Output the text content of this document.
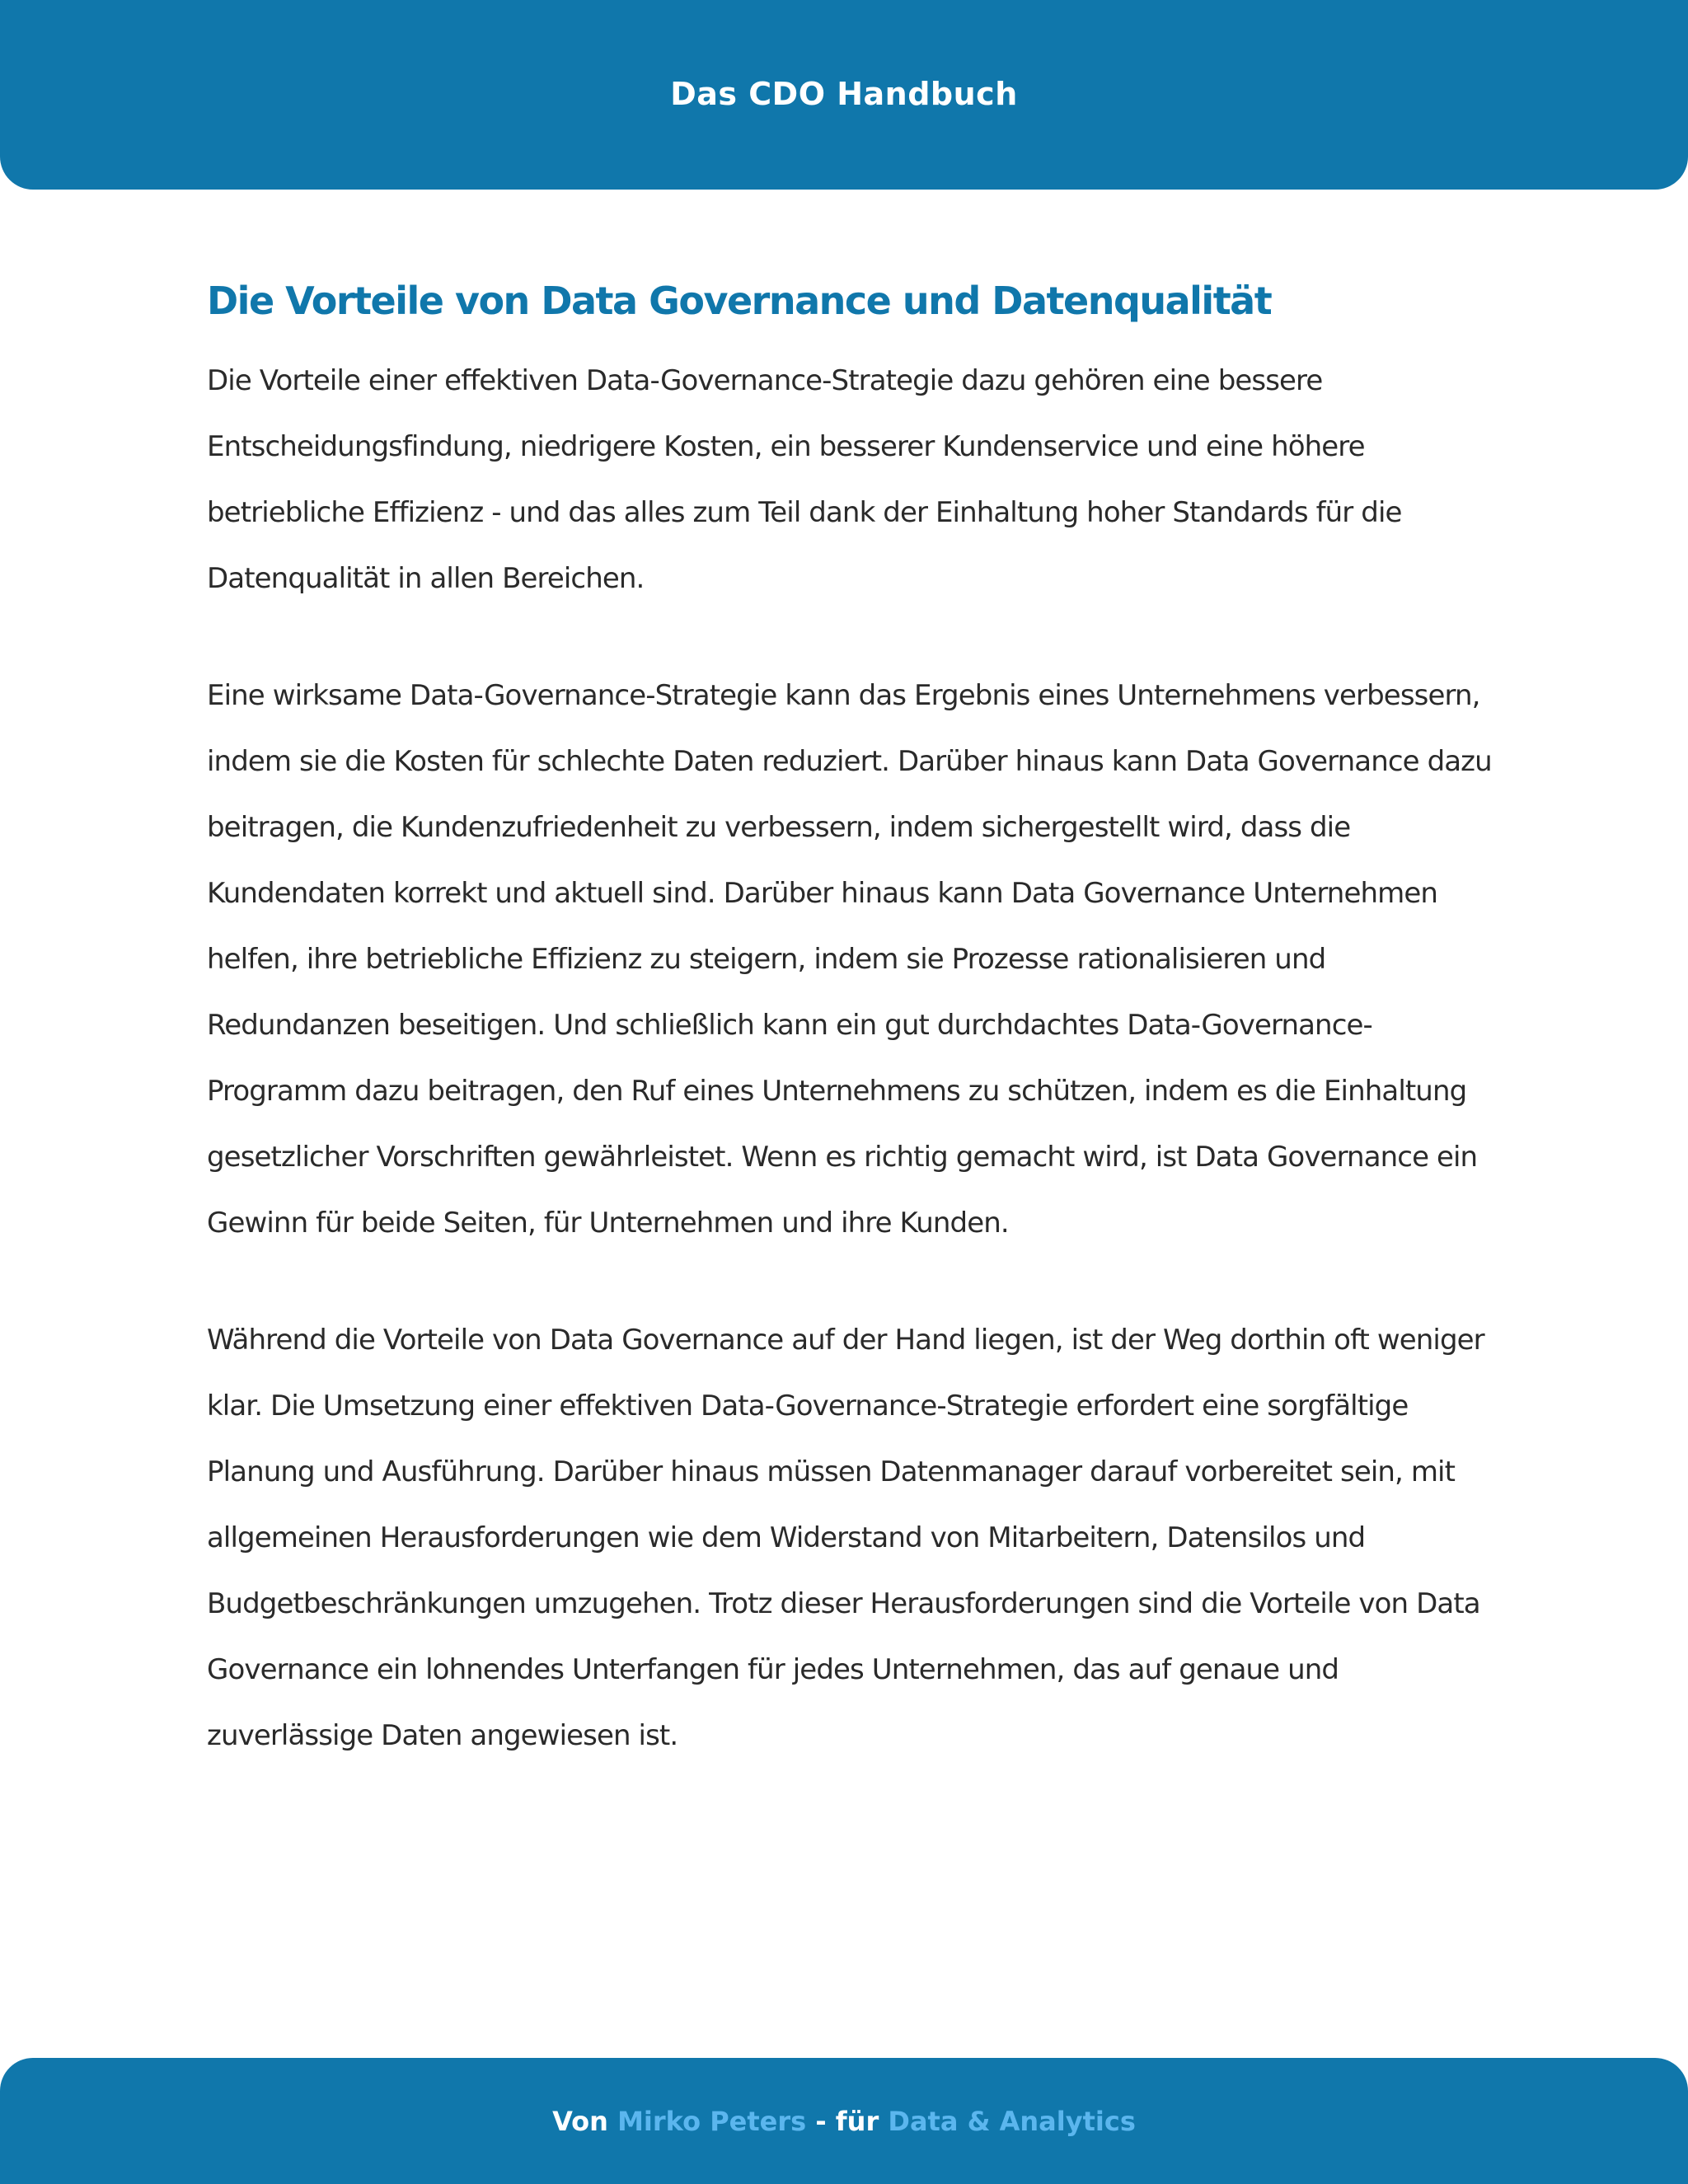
Das CDO Handbuch
Die Vorteile von Data Governance und Datenqualität

Die Vorteile einer effektiven Data-Governance-Strategie dazu gehören eine bessere Entscheidungsfindung, niedrigere Kosten, ein besserer Kundenservice und eine höhere betriebliche Effizienz - und das alles zum Teil dank der Einhaltung hoher Standards für die Datenqualität in allen Bereichen.

Eine wirksame Data-Governance-Strategie kann das Ergebnis eines Unternehmens verbessern, indem sie die Kosten für schlechte Daten reduziert. Darüber hinaus kann Data Governance dazu beitragen, die Kundenzufriedenheit zu verbessern, indem sichergestellt wird, dass die Kundendaten korrekt und aktuell sind. Darüber hinaus kann Data Governance Unternehmen helfen, ihre betriebliche Effizienz zu steigern, indem sie Prozesse rationalisieren und Redundanzen beseitigen. Und schließlich kann ein gut durchdachtes Data-Governance-Programm dazu beitragen, den Ruf eines Unternehmens zu schützen, indem es die Einhaltung gesetzlicher Vorschriften gewährleistet. Wenn es richtig gemacht wird, ist Data Governance ein Gewinn für beide Seiten, für Unternehmen und ihre Kunden.

Während die Vorteile von Data Governance auf der Hand liegen, ist der Weg dorthin oft weniger klar. Die Umsetzung einer effektiven Data-Governance-Strategie erfordert eine sorgfältige Planung und Ausführung. Darüber hinaus müssen Datenmanager darauf vorbereitet sein, mit allgemeinen Herausforderungen wie dem Widerstand von Mitarbeitern, Datensilos und Budgetbeschränkungen umzugehen. Trotz dieser Herausforderungen sind die Vorteile von Data Governance ein lohnendes Unterfangen für jedes Unternehmen, das auf genaue und zuverlässige Daten angewiesen ist.

Von Mirko Peters - für Data & Analytics
